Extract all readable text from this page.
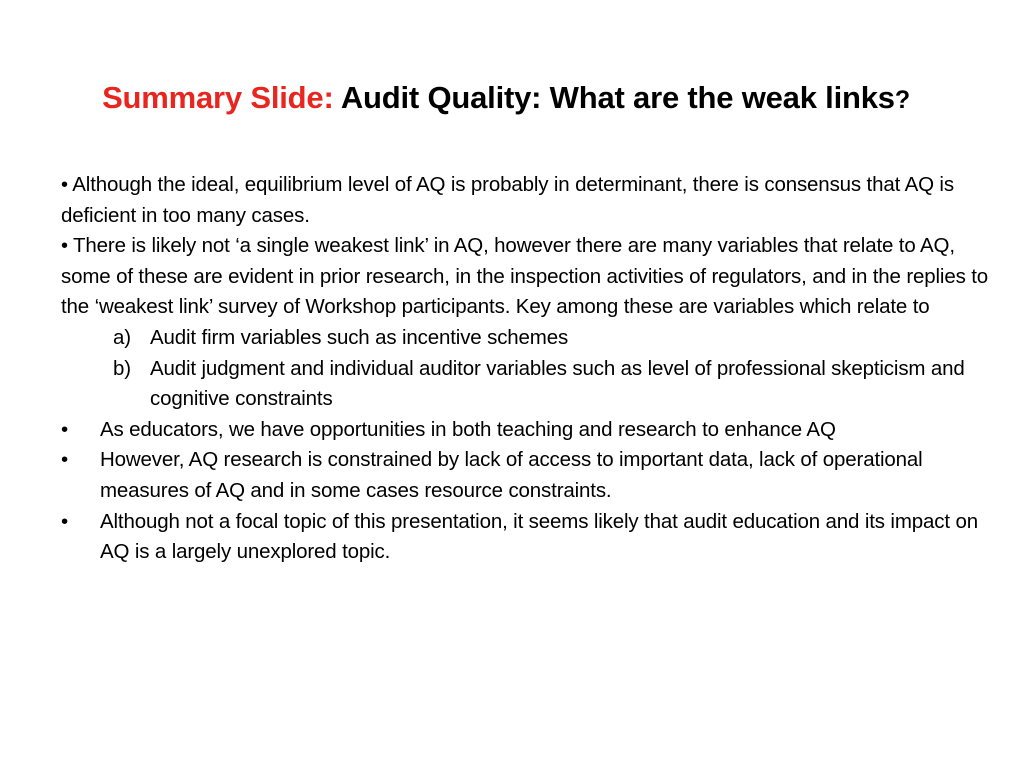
Summary Slide: Audit Quality: What are the weak links?

• Although the ideal, equilibrium level of AQ is probably in determinant, there is consensus that AQ is deficient in too many cases.

• There is likely not ‘a single weakest link’ in AQ, however there are many variables that relate to AQ, some of these are evident in prior research, in the inspection activities of regulators, and in the replies to the ‘weakest link’ survey of Workshop participants. Key among these are variables which relate to

a) Audit firm variables such as incentive schemes
b) Audit judgment and individual auditor variables such as level of professional skepticism and cognitive constraints
• As educators, we have opportunities in both teaching and research to enhance AQ
• However, AQ research is constrained by lack of access to important data, lack of operational measures of AQ and in some cases resource constraints.
• Although not a focal topic of this presentation, it seems likely that audit education and its impact on AQ is a largely unexplored topic.
